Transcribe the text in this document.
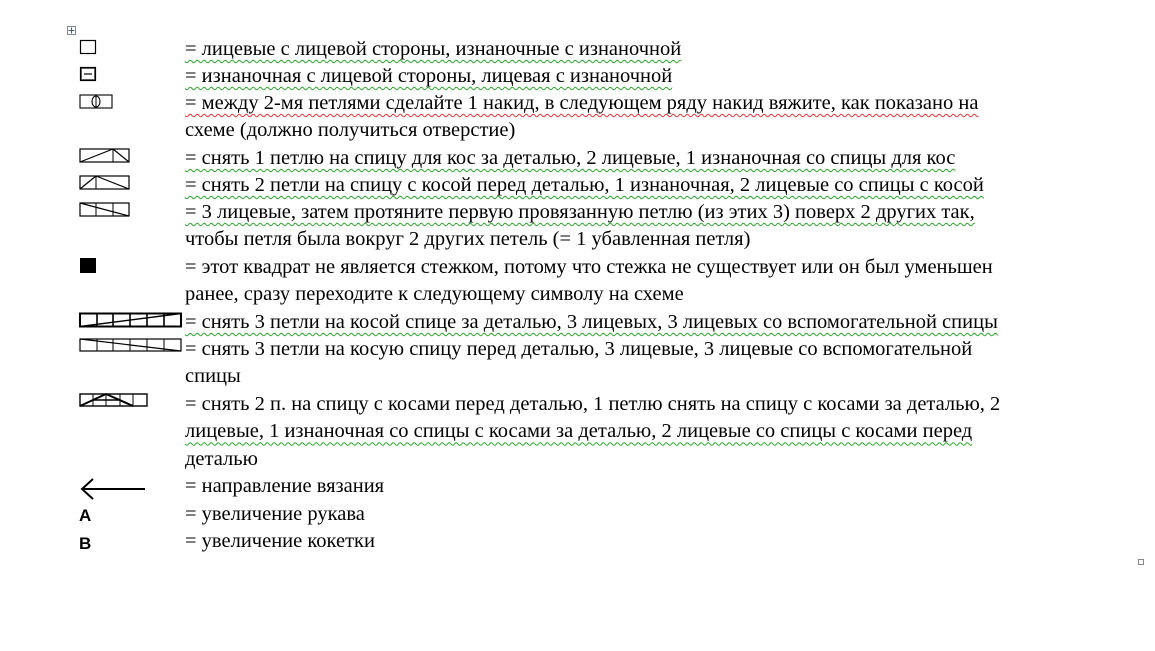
= лицевые с лицевой стороны, изнаночные с изнаночной
= изнаночная с лицевой стороны, лицевая с изнаночной
= между 2-мя петлями сделайте 1 накид, в следующем ряду накид вяжите, как показано на
схеме (должно получиться отверстие)
= снять 1 петлю на спицу для кос за деталью, 2 лицевые, 1 изнаночная со спицы для кос
= снять 2 петли на спицу с косой перед деталью, 1 изнаночная, 2 лицевые со спицы с косой
= 3 лицевые, затем протяните первую провязанную петлю (из этих 3) поверх 2 других так,
чтобы петля была вокруг 2 других петель (= 1 убавленная петля)
= этот квадрат не является стежком, потому что стежка не существует или он был уменьшен
ранее, сразу переходите к следующему символу на схеме
= снять 3 петли на косой спице за деталью, 3 лицевых, 3 лицевых со вспомогательной спицы
= снять 3 петли на косую спицу перед деталью, 3 лицевые, 3 лицевые со вспомогательной
спицы
= снять 2 п. на спицу с косами перед деталью, 1 петлю снять на спицу с косами за деталью, 2
лицевые, 1 изнаночная со спицы с косами за деталью, 2 лицевые со спицы с косами перед
деталью
= направление вязания
A	= увеличение рукава
B	= увеличение кокетки
